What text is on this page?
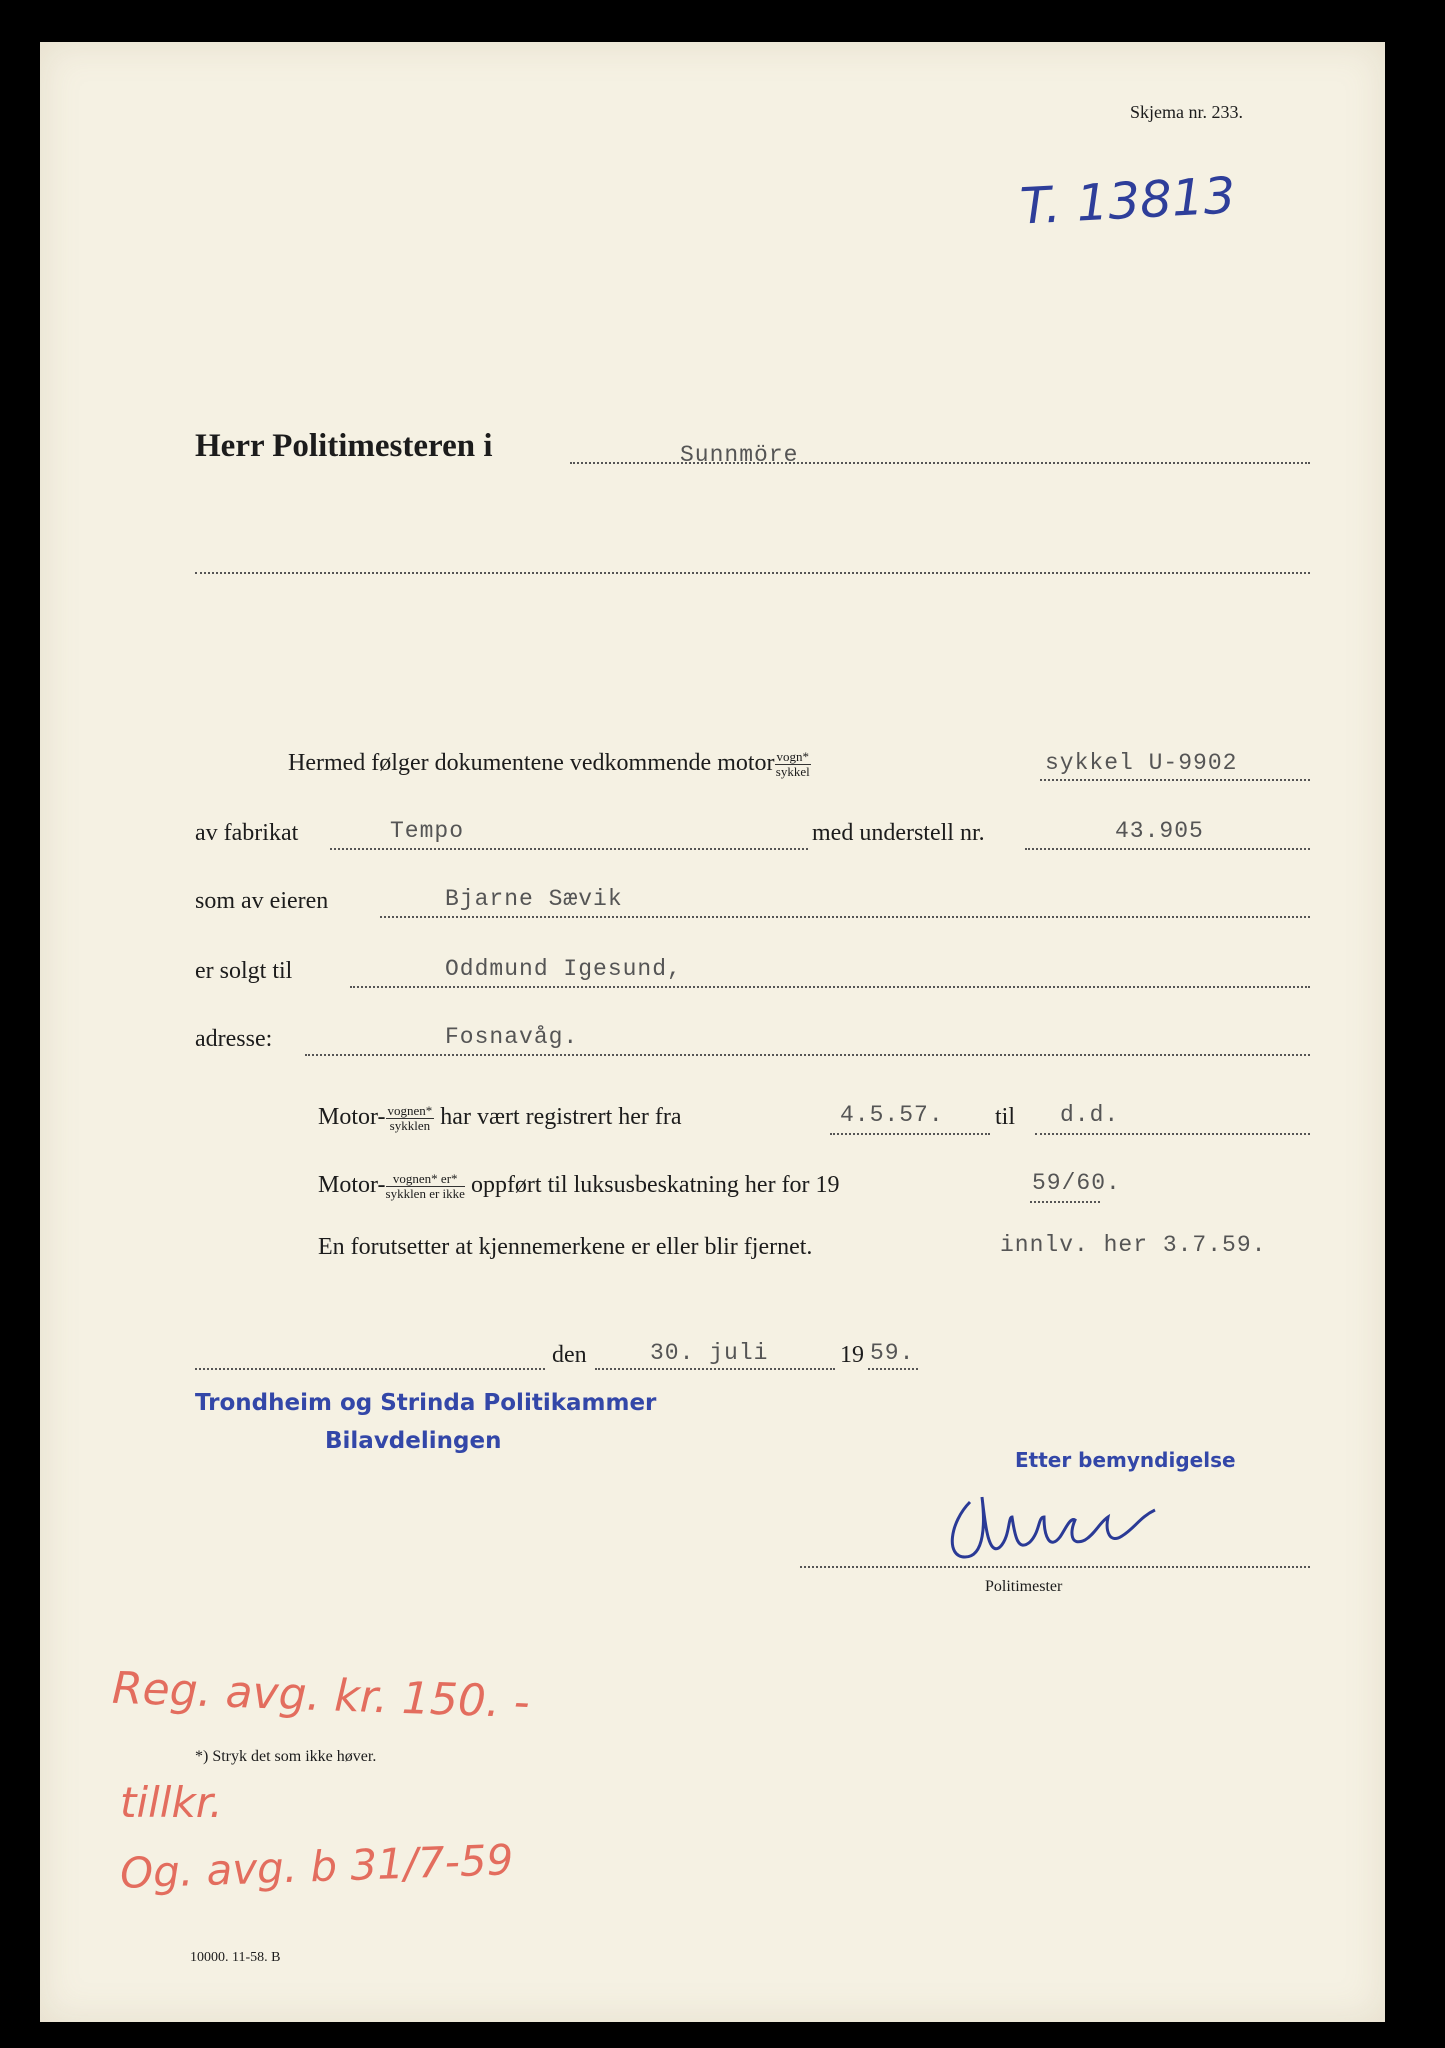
Skjema nr. 233.
T. 13813
Herr Politimesteren i	Sunnmöre
Hermed følger dokumentene vedkommende motor $\frac{\text{vogn*}}{\text{sykkel}}$	sykkel U-9902
av fabrikat	Tempo	med understell nr.	43.905
som av eieren	Bjarne Sævik
er solgt til	Oddmund Igesund,
adresse:	Fosnavåg.
Motor- $\frac{\text{vognen*}}{\text{sykklen}}$ har vært registrert her fra	4.5.57. til d.d.
Motor- $\frac{\text{vognen* er*}}{\text{sykklen er ikke}}$ oppført til luksusbeskatning her for 19	59/60.
En forutsetter at kjennemerkene er eller blir fjernet.	innlv. her 3.7.59.
den	30. juli	19 59.
Trondheim og Strinda Politikammer
Bilavdelingen
Etter bemyndigelse
Politimester
Reg. avg. kr. 150. -
tillkr.
Og. avg. b 31/7-59
*) Stryk det som ikke høver.
10000. 11-58. B
